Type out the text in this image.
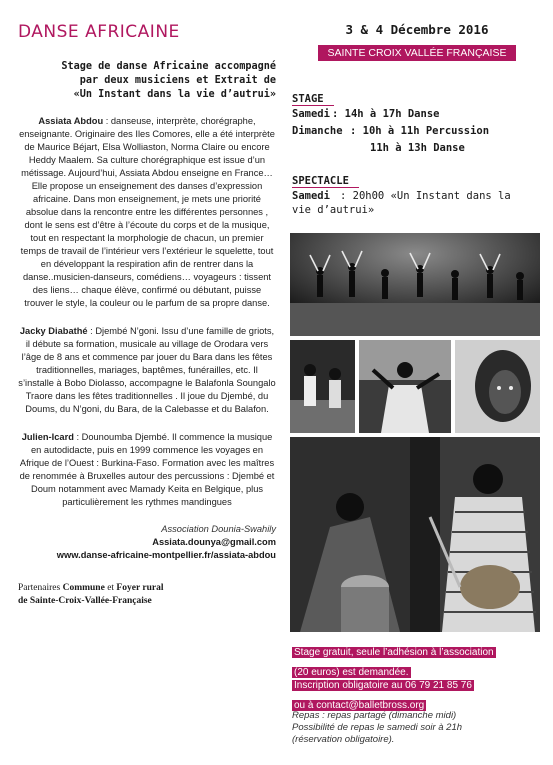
DANSE AFRICAINE
Stage de danse Africaine accompagné
par deux musiciens et Extrait de
«Un Instant dans la vie d’autrui»

Assiata Abdou : danseuse, interprète, chorégraphe, enseignante. Originaire des Iles Comores, elle a été interprète de Maurice Béjart, Elsa Wolliaston, Norma Claire ou encore Heddy Maalem. Sa culture chorégraphique est issue d’un métissage. Aujourd’hui, Assiata Abdou enseigne en France… Elle propose un enseignement des danses d’expression africaine. Dans mon enseignement, je mets une priorité absolue dans la rencontre entre les différentes personnes , dont le sens est d’être à l’écoute du corps et de la musique, tout en respectant la morphologie de chacun, un premier temps de travail de l’intérieur vers l’extérieur le squelette, tout en développant la respiration afin de rentrer dans la danse..musicien-danseurs, comédiens… voyageurs : tissent des liens… chaque élève, confirmé ou débutant, puisse trouver le style, la couleur ou le parfum de sa propre danse.

Jacky Diabathé : Djembé N’goni. Issu d’une famille de griots, il débute sa formation, musicale au village de Orodara vers l’âge de 8 ans et commence par jouer du Bara dans les fêtes traditionnelles, mariages, baptêmes, funérailles, etc. Il s’installe à Bobo Diolasso, accompagne le Balafonla Soungalo Traore dans les fêtes traditionnelles . Il joue du Djembé, du Doums, du N’goni, du Bara, de la Calebasse et du Balafon.

Julien-Icard : Dounoumba Djembé. Il commence la musique en autodidacte, puis en 1999 commence les voyages en Afrique de l’Ouest : Burkina-Faso. Formation avec les maîtres de renommée à Bruxelles autour des percussions : Djembé et Doum notamment avec Mamady Keita en Belgique, plus particulièrement les rythmes mandingues

Association Dounia-Swahily
Assiata.dounya@gmail.com
www.danse-africaine-montpellier.fr/assiata-abdou
Partenaires Commune et Foyer rural
de Sainte-Croix-Vallée-Française
3 & 4 Décembre 2016
SAINTE CROIX VALLÉE FRANÇAISE
STAGE
Samedi : 14h à 17h Danse
Dimanche : 10h à 11h Percussion
11h à 13h Danse
SPECTACLE
Samedi : 20h00 «Un Instant dans la
vie d’autrui»
Stage gratuit, seule l’adhésion à l’association
(20 euros) est demandée.
Inscription obligatoire au 06 79 21 85 76
ou à contact@balletbross.org
Repas : repas partagé (dimanche midi)
Possibilité de repas le samedi soir à 21h
(réservation obligatoire).
